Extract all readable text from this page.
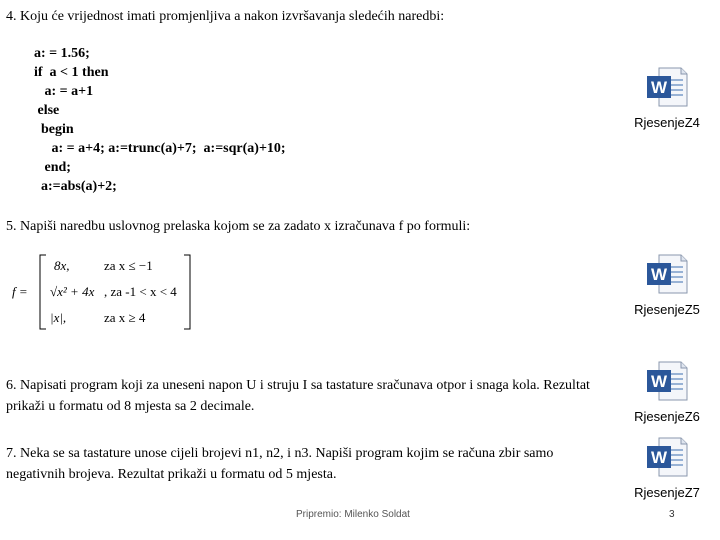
4. Koju će vrijednost imati promjenljiva a nakon izvršavanja sledećih naredbi:
a: = 1.56;
if  a < 1 then
a: = a+1
else
begin
a: = a+4; a:=trunc(a)+7;  a:=sqr(a)+10;
end;
a:=abs(a)+2;
5. Napiši naredbu uslovnog prelaska kojom se za zadato x izračunava f po formuli:
f =
8x,	za x ≤ −1
√x² + 4x , za -1 < x < 4
|x|,	za x ≥ 4
6. Napisati program koji za uneseni napon U i struju I sa tastature sračunava otpor i snaga kola. Rezultat prikaži u formatu od 8 mjesta sa 2 decimale.
7. Neka se sa tastature unose cijeli brojevi n1, n2, i n3. Napiši program kojim se računa zbir samo negativnih brojeva. Rezultat prikaži u formatu od 5 mjesta.
W
RjesenjeZ4
W
RjesenjeZ5
W
RjesenjeZ6
W
RjesenjeZ7
Pripremio: Milenko Soldat	3
